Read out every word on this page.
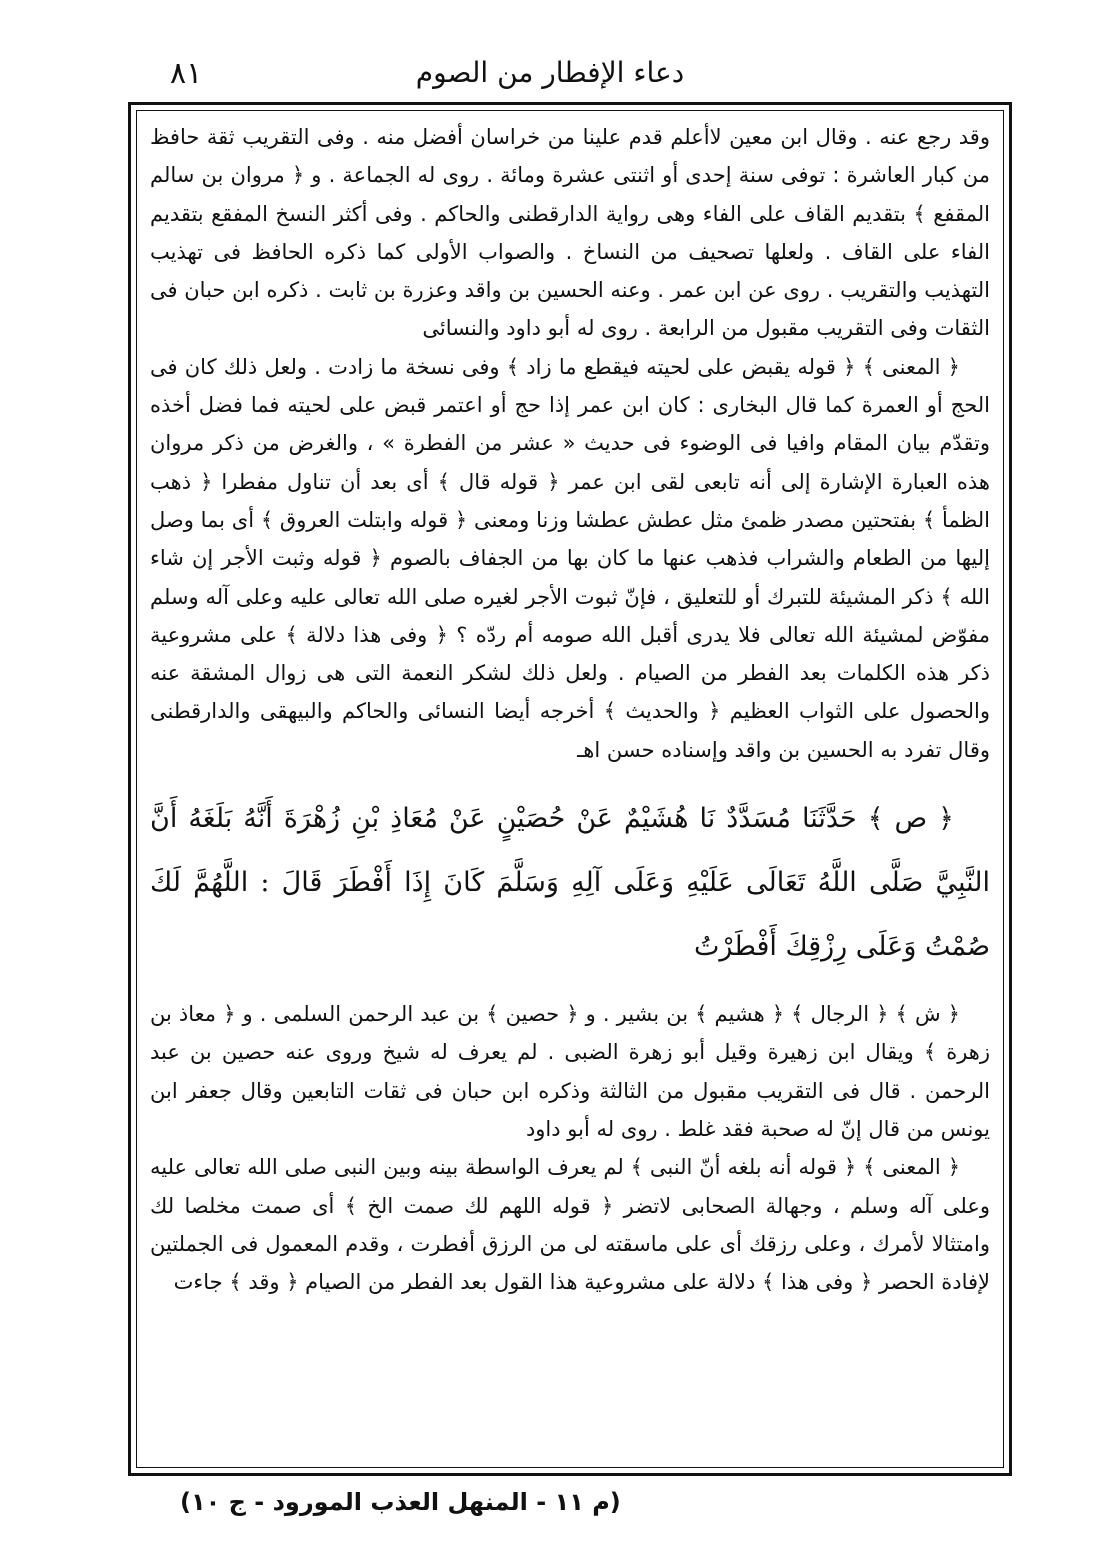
٨١	دعاء الإفطار من الصوم

وقد رجع عنه . وقال ابن معين لاأعلم قدم علينا من خراسان أفضل منه . وفى التقريب ثقة حافظ من كبار العاشرة : توفى سنة إحدى أو اثنتى عشرة ومائة . روى له الجماعة . و ﴿ مروان بن سالم المقفع ﴾ بتقديم القاف على الفاء وهى رواية الدارقطنى والحاكم . وفى أكثر النسخ المفقع بتقديم الفاء على القاف . ولعلها تصحيف من النساخ . والصواب الأولى كما ذكره الحافظ فى تهذيب التهذيب والتقريب . روى عن ابن عمر . وعنه الحسين بن واقد وعزرة بن ثابت . ذكره ابن حبان فى الثقات وفى التقريب مقبول من الرابعة . روى له أبو داود والنسائى

﴿ المعنى ﴾ ﴿ قوله يقبض على لحيته فيقطع ما زاد ﴾ وفى نسخة ما زادت . ولعل ذلك كان فى الحج أو العمرة كما قال البخارى : كان ابن عمر إذا حج أو اعتمر قبض على لحيته فما فضل أخذه وتقدّم بيان المقام وافيا فى الوضوء فى حديث « عشر من الفطرة » ، والغرض من ذكر مروان هذه العبارة الإشارة إلى أنه تابعى لقى ابن عمر ﴿ قوله قال ﴾ أى بعد أن تناول مفطرا ﴿ ذهب الظمأ ﴾ بفتحتين مصدر ظمئ مثل عطش عطشا وزنا ومعنى ﴿ قوله وابتلت العروق ﴾ أى بما وصل إليها من الطعام والشراب فذهب عنها ما كان بها من الجفاف بالصوم ﴿ قوله وثبت الأجر إن شاء الله ﴾ ذكر المشيئة للتبرك أو للتعليق ، فإنّ ثبوت الأجر لغيره صلى الله تعالى عليه وعلى آله وسلم مفوّض لمشيئة الله تعالى فلا يدرى أقبل الله صومه أم ردّه ؟ ﴿ وفى هذا دلالة ﴾ على مشروعية ذكر هذه الكلمات بعد الفطر من الصيام . ولعل ذلك لشكر النعمة التى هى زوال المشقة عنه والحصول على الثواب العظيم ﴿ والحديث ﴾ أخرجه أيضا النسائى والحاكم والبيهقى والدارقطنى وقال تفرد به الحسين بن واقد وإسناده حسن اهـ

﴿ ص ﴾ حَدَّثَنَا مُسَدَّدٌ نَا هُشَيْمٌ عَنْ حُصَيْنٍ عَنْ مُعَاذِ بْنِ زُهْرَةَ أَنَّهُ بَلَغَهُ أَنَّ النَّبِيَّ صَلَّى اللَّهُ تَعَالَى عَلَيْهِ وَعَلَى آلِهِ وَسَلَّمَ كَانَ إِذَا أَفْطَرَ قَالَ : اللَّهُمَّ لَكَ صُمْتُ وَعَلَى رِزْقِكَ أَفْطَرْتُ

﴿ ش ﴾ ﴿ الرجال ﴾ ﴿ هشيم ﴾ بن بشير . و ﴿ حصين ﴾ بن عبد الرحمن السلمى . و ﴿ معاذ بن زهرة ﴾ ويقال ابن زهيرة وقيل أبو زهرة الضبى . لم يعرف له شيخ وروى عنه حصين بن عبد الرحمن . قال فى التقريب مقبول من الثالثة وذكره ابن حبان فى ثقات التابعين وقال جعفر ابن يونس من قال إنّ له صحبة فقد غلط . روى له أبو داود

﴿ المعنى ﴾ ﴿ قوله أنه بلغه أنّ النبى ﴾ لم يعرف الواسطة بينه وبين النبى صلى الله تعالى عليه وعلى آله وسلم ، وجهالة الصحابى لاتضر ﴿ قوله اللهم لك صمت الخ ﴾ أى صمت مخلصا لك وامتثالا لأمرك ، وعلى رزقك أى على ماسقته لى من الرزق أفطرت ، وقدم المعمول فى الجملتين لإفادة الحصر ﴿ وفى هذا ﴾ دلالة على مشروعية هذا القول بعد الفطر من الصيام ﴿ وقد ﴾ جاءت

(م ١١ - المنهل العذب المورود - ج ١٠)
